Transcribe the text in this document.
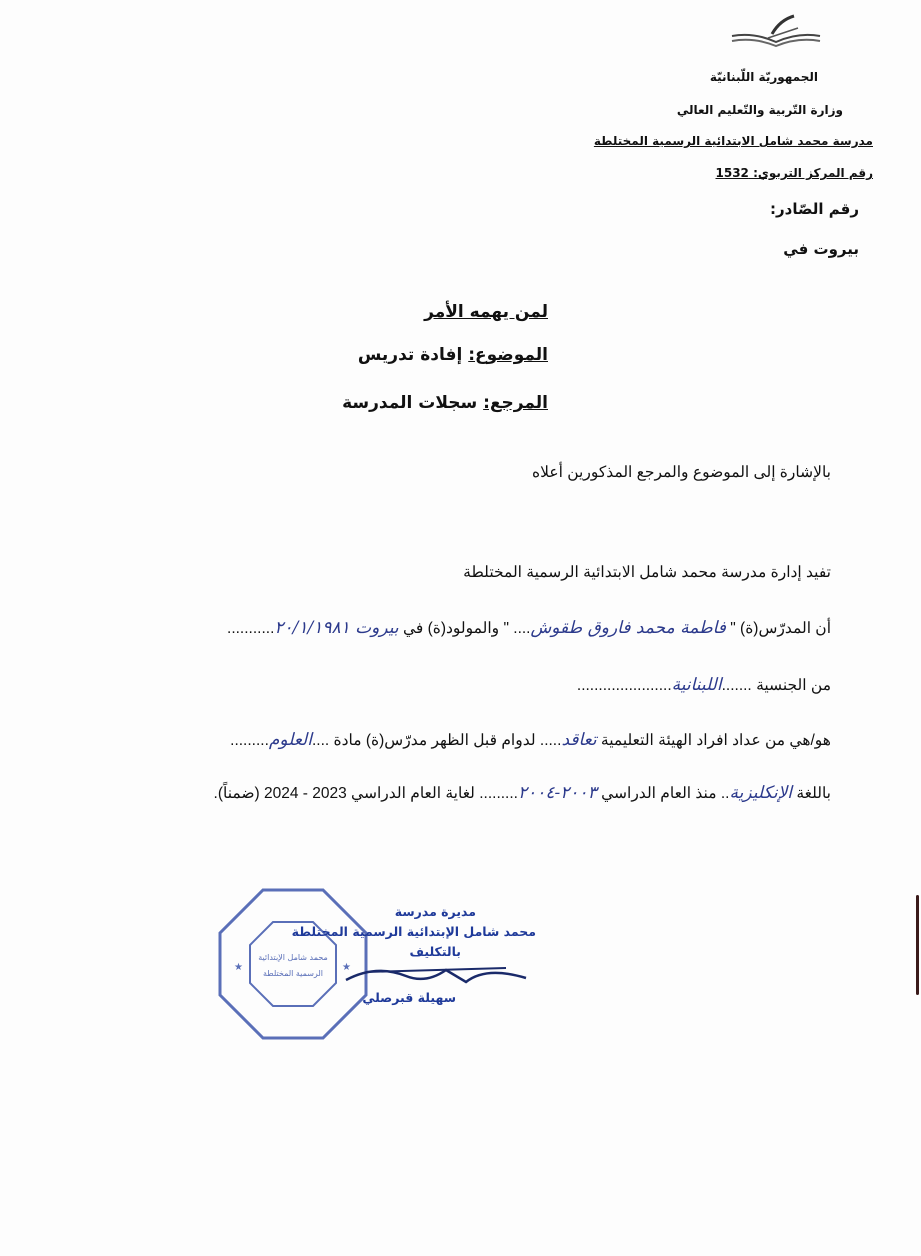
الجمهوريّة اللّبنانيّة
وزارة التّربية والتّعليم العالي
مدرسة محمد شامل الابتدائية الرسمية المختلطة
رقم المركز التربوي: 1532
رقم الصّادر:
بيروت في
لمن يهمه الأمر
الموضوع: إفادة تدريس
المرجع: سجلات المدرسة
بالإشارة إلى الموضوع والمرجع المذكورين أعلاه
تفيد إدارة مدرسة محمد شامل الابتدائية الرسمية المختلطة
أن المدرّس(ة) " فاطمة محمد فاروق طقوش.... " والمولود(ة) في بيروت ٢٠/١/١٩٨١...........
من الجنسية .......اللبنانية......................
هو/هي من عداد افراد الهيئة التعليمية تعاقد..... لدوام قبل الظهر مدرّس(ة) مادة ....العلوم.........
باللغة الإنكليزية.. منذ العام الدراسي ٢٠٠٣-٢٠٠٤......... لغاية العام الدراسي 2023 - 2024 (ضمناً).
محمد شامل الإبتدائية
الرسمية المختلطة
★	★
مديرة مدرسة
محمد شامل الإبتدائية الرسمية المختلطة
بالتكليف
سهيلة قبرصلي
